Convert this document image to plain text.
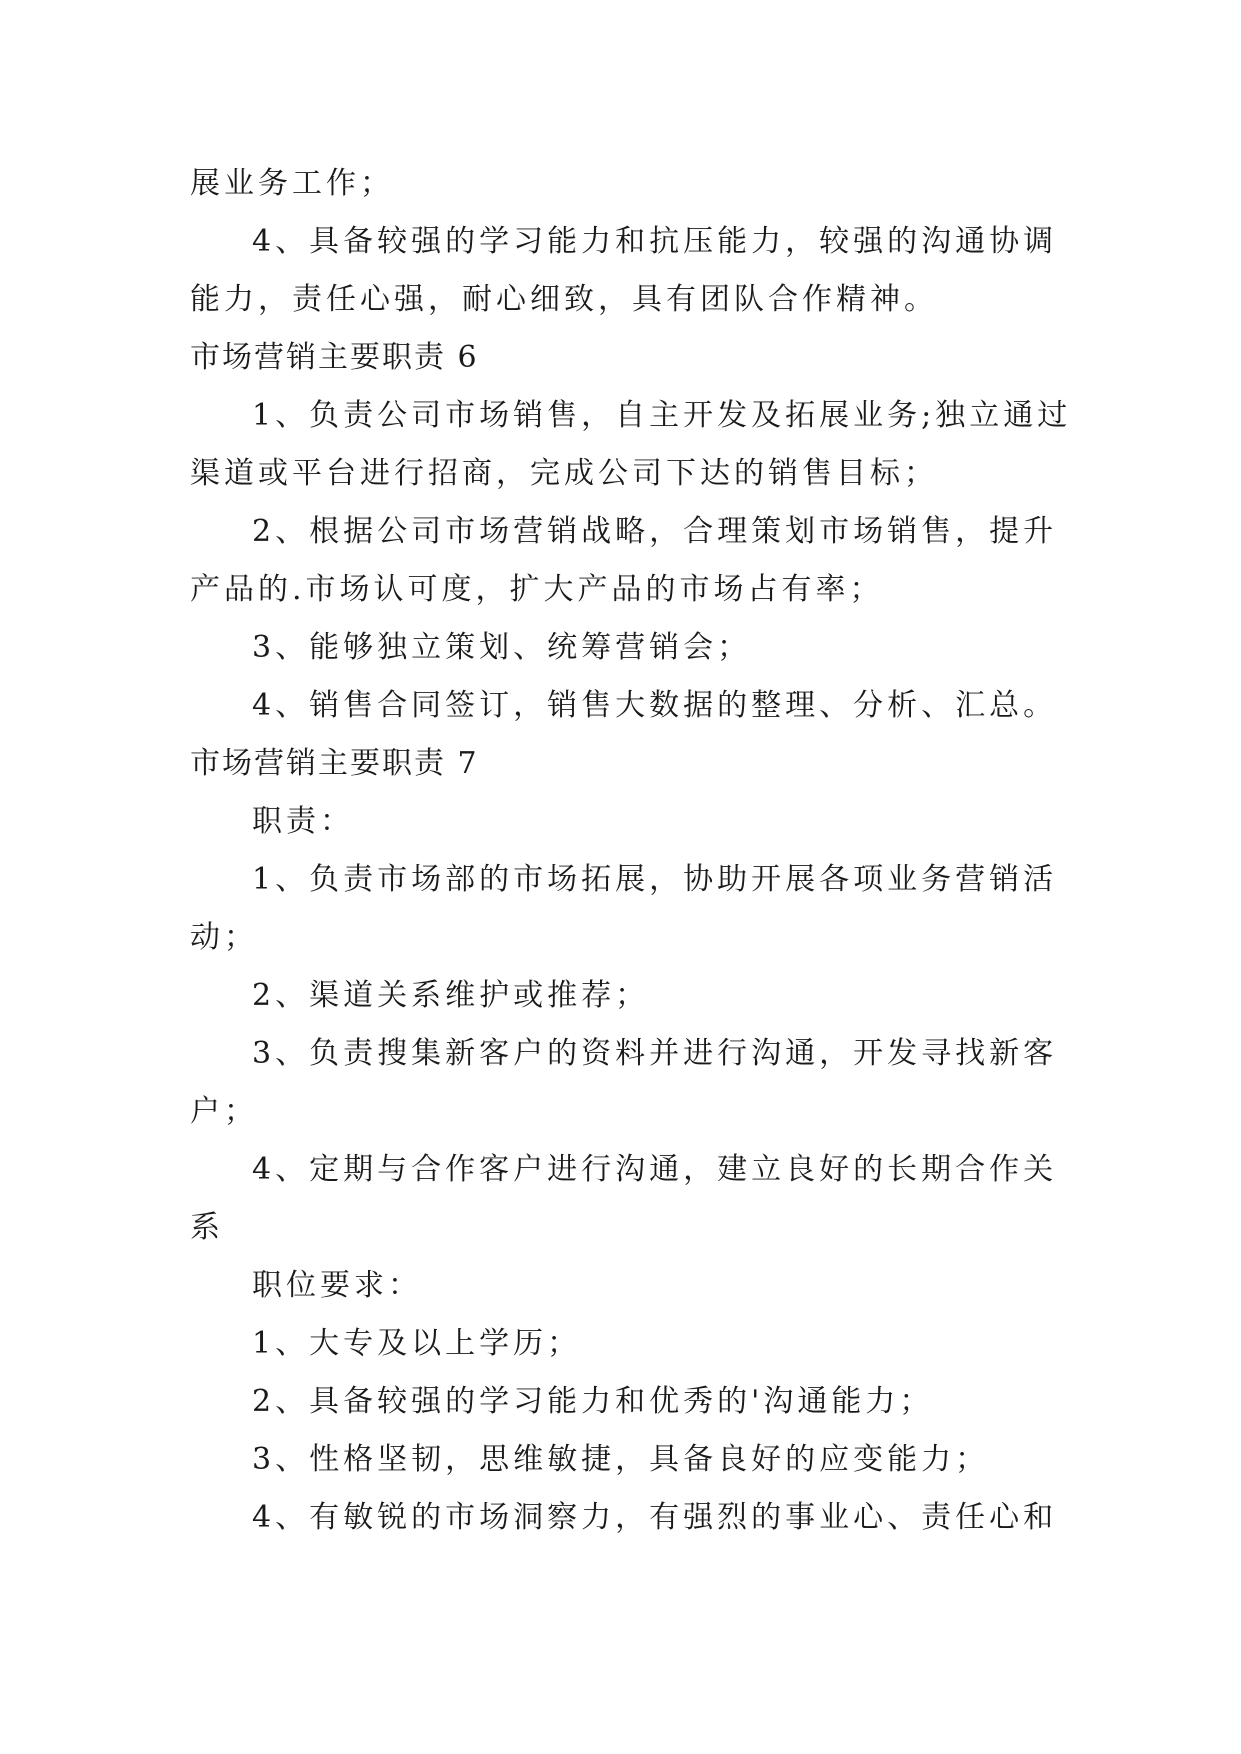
展业务工作；
4、具备较强的学习能力和抗压能力，较强的沟通协调
能力，责任心强，耐心细致，具有团队合作精神。
市场营销主要职责 6
1、负责公司市场销售，自主开发及拓展业务;独立通过
渠道或平台进行招商，完成公司下达的销售目标；
2、根据公司市场营销战略，合理策划市场销售，提升
产品的.市场认可度，扩大产品的市场占有率；
3、能够独立策划、统筹营销会；
4、销售合同签订，销售大数据的整理、分析、汇总。
市场营销主要职责 7
职责：
1、负责市场部的市场拓展，协助开展各项业务营销活
动；
2、渠道关系维护或推荐；
3、负责搜集新客户的资料并进行沟通，开发寻找新客
户；
4、定期与合作客户进行沟通，建立良好的长期合作关
系
职位要求：
1、大专及以上学历；
2、具备较强的学习能力和优秀的'沟通能力；
3、性格坚韧，思维敏捷，具备良好的应变能力；
4、有敏锐的市场洞察力，有强烈的事业心、责任心和
